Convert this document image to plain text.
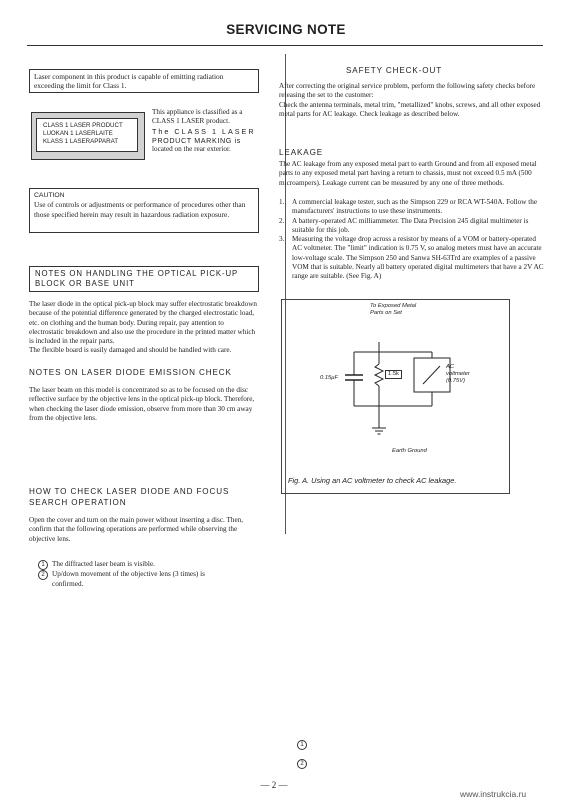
SERVICING NOTE
Laser component in this product is capable of emitting radiation exceeding the limit for Class 1.
CLASS 1 LASER PRODUCT
LUOKAN 1 LASERLAITE
KLASS 1 LASERAPPARAT
This appliance is classified as a CLASS 1 LASER product.
The CLASS 1 LASER
PRODUCT MARKING is
located on the rear exterior.
CAUTION
Use of controls or adjustments or performance of procedures other than those specified herein may result in hazardous radiation exposure.
NOTES ON HANDLING THE OPTICAL PICK-UP BLOCK OR BASE UNIT
The laser diode in the optical pick-up block may suffer electrostatic breakdown because of the potential difference generated by the charged electrostatic load, etc. on clothing and the human body. During repair, pay attention to electrostatic breakdown and also use the procedure in the printed matter which is included in the repair parts.
The flexible board is easily damaged and should be handled with care.
NOTES ON LASER DIODE EMISSION CHECK
The laser beam on this model is concentrated so as to be focused on the disc reflective surface by the objective lens in the optical pick-up block. Therefore, when checking the laser diode emission, observe from more than 30 cm away from the objective lens.
HOW TO CHECK LASER DIODE AND FOCUS SEARCH OPERATION
Open the cover and turn on the main power without inserting a disc. Then, confirm that the following operations are performed while observing the objective lens.
1	The diffracted laser beam is visible.
2	Up/down movement of the objective lens (3 times) is confirmed.
SAFETY CHECK-OUT
After correcting the original service problem, perform the following safety checks before releasing the set to the customer:
Check the antenna terminals, metal trim, "metallized" knobs, screws, and all other exposed metal parts for AC leakage. Check leakage as described below.
LEAKAGE
The AC leakage from any exposed metal part to earth Ground and from all exposed metal parts to any exposed metal part having a return to chassis, must not exceed 0.5 mA (500 microampers). Leakage current can be measured by any one of three methods.
1. A commercial leakage tester, such as the Simpson 229 or RCA WT-540A. Follow the manufacturers' instructions to use these instruments.
2. A battery-operated AC milliammeter. The Data Precision 245 digital multimeter is suitable for this job.
3. Measuring the voltage drop across a resistor by means of a VOM or battery-operated AC voltmeter. The "limit" indication is 0.75 V, so analog meters must have an accurate low-voltage scale. The Simpson 250 and Sanwa SH-63Trd are examples of a passive VOM that is suitable. Nearly all battery operated digital multimeters that have a 2V AC range are suitable. (See Fig. A)
To Exposed Metal
Parts on Set
0.15μF
1.5k
AC
voltmeter
(0.75V)
Earth Ground
Fig. A. Using an AC voltmeter to check AC leakage.
1
2
— 2 —
www.instrukcia.ru
